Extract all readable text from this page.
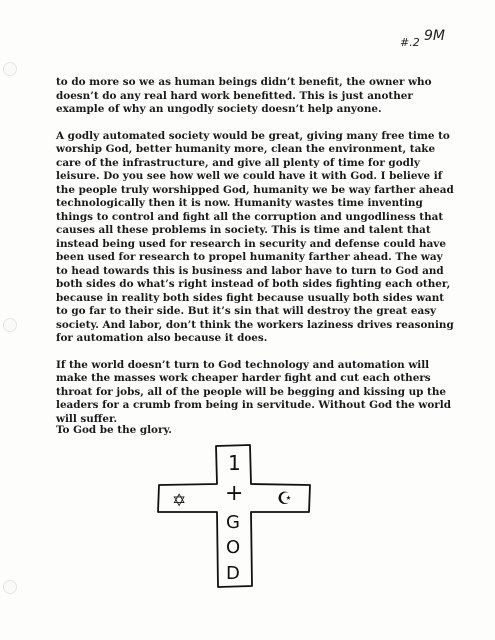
#.2 9M

to do more so we as human beings didn’t benefit, the owner who doesn’t do any real hard work benefitted. This is just another example of why an ungodly society doesn’t help anyone.

A godly automated society would be great, giving many free time to worship God, better humanity more, clean the environment, take care of the infrastructure, and give all plenty of time for godly leisure. Do you see how well we could have it with God. I believe if the people truly worshipped God, humanity we be way farther ahead technologically then it is now. Humanity wastes time inventing things to control and fight all the corruption and ungodliness that causes all these problems in society. This is time and talent that instead being used for research in security and defense could have been used for research to propel humanity farther ahead. The way to head towards this is business and labor have to turn to God and both sides do what’s right instead of both sides fighting each other, because in reality both sides fight because usually both sides want to go far to their side. But it’s sin that will destroy the great easy society. And labor, don’t think the workers laziness drives reasoning for automation also because it does.

If the world doesn’t turn to God technology and automation will make the masses work cheaper harder fight and cut each others throat for jobs, all of the people will be begging and kissing up the leaders for a crumb from being in servitude. Without God the world will suffer.

To God be the glory.
1
+
G
O
D
✡	☪
